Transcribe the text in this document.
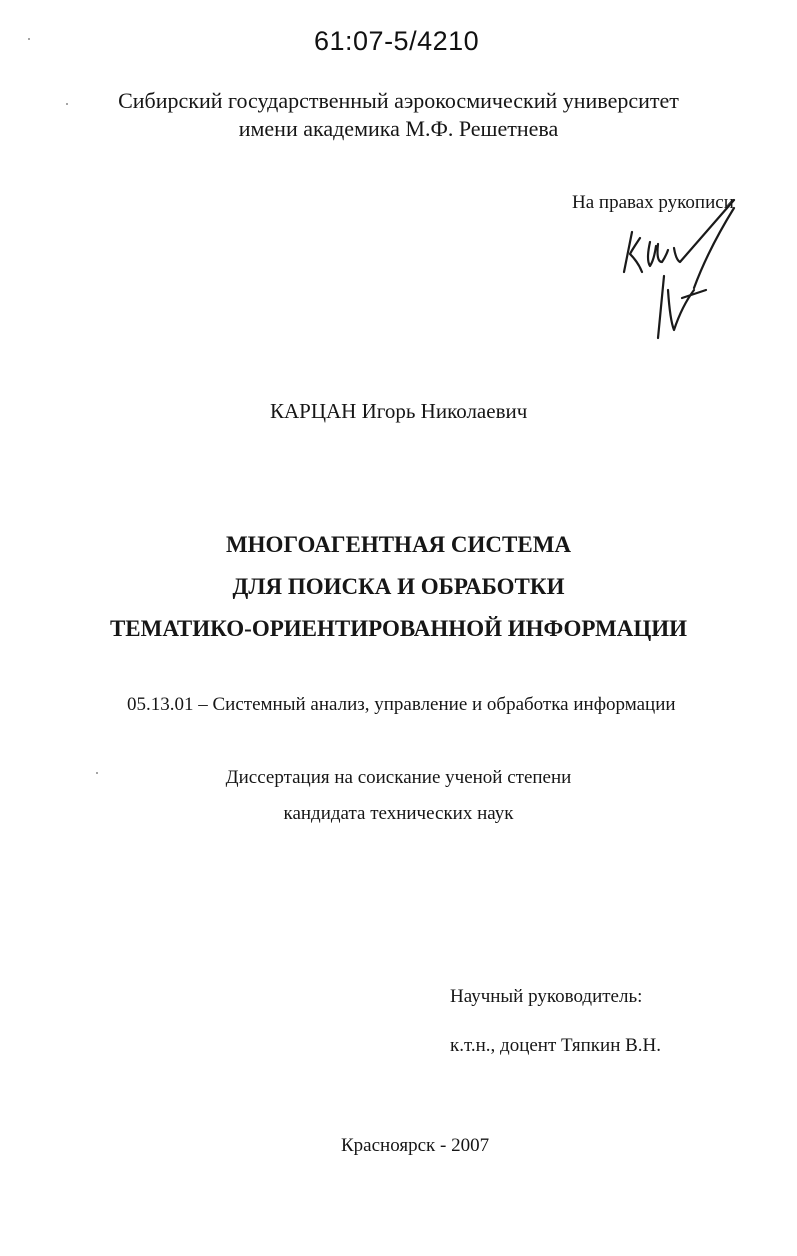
61:07-5/4210
Сибирский государственный аэрокосмический университет
имени академика М.Ф. Решетнева
На правах рукописи
КАРЦАН Игорь Николаевич
МНОГОАГЕНТНАЯ СИСТЕМА
ДЛЯ ПОИСКА И ОБРАБОТКИ
ТЕМАТИКО-ОРИЕНТИРОВАННОЙ ИНФОРМАЦИИ
05.13.01 – Системный анализ, управление и обработка информации
Диссертация на соискание ученой степени
кандидата технических наук
Научный руководитель:
к.т.н., доцент Тяпкин В.Н.
Красноярск - 2007
